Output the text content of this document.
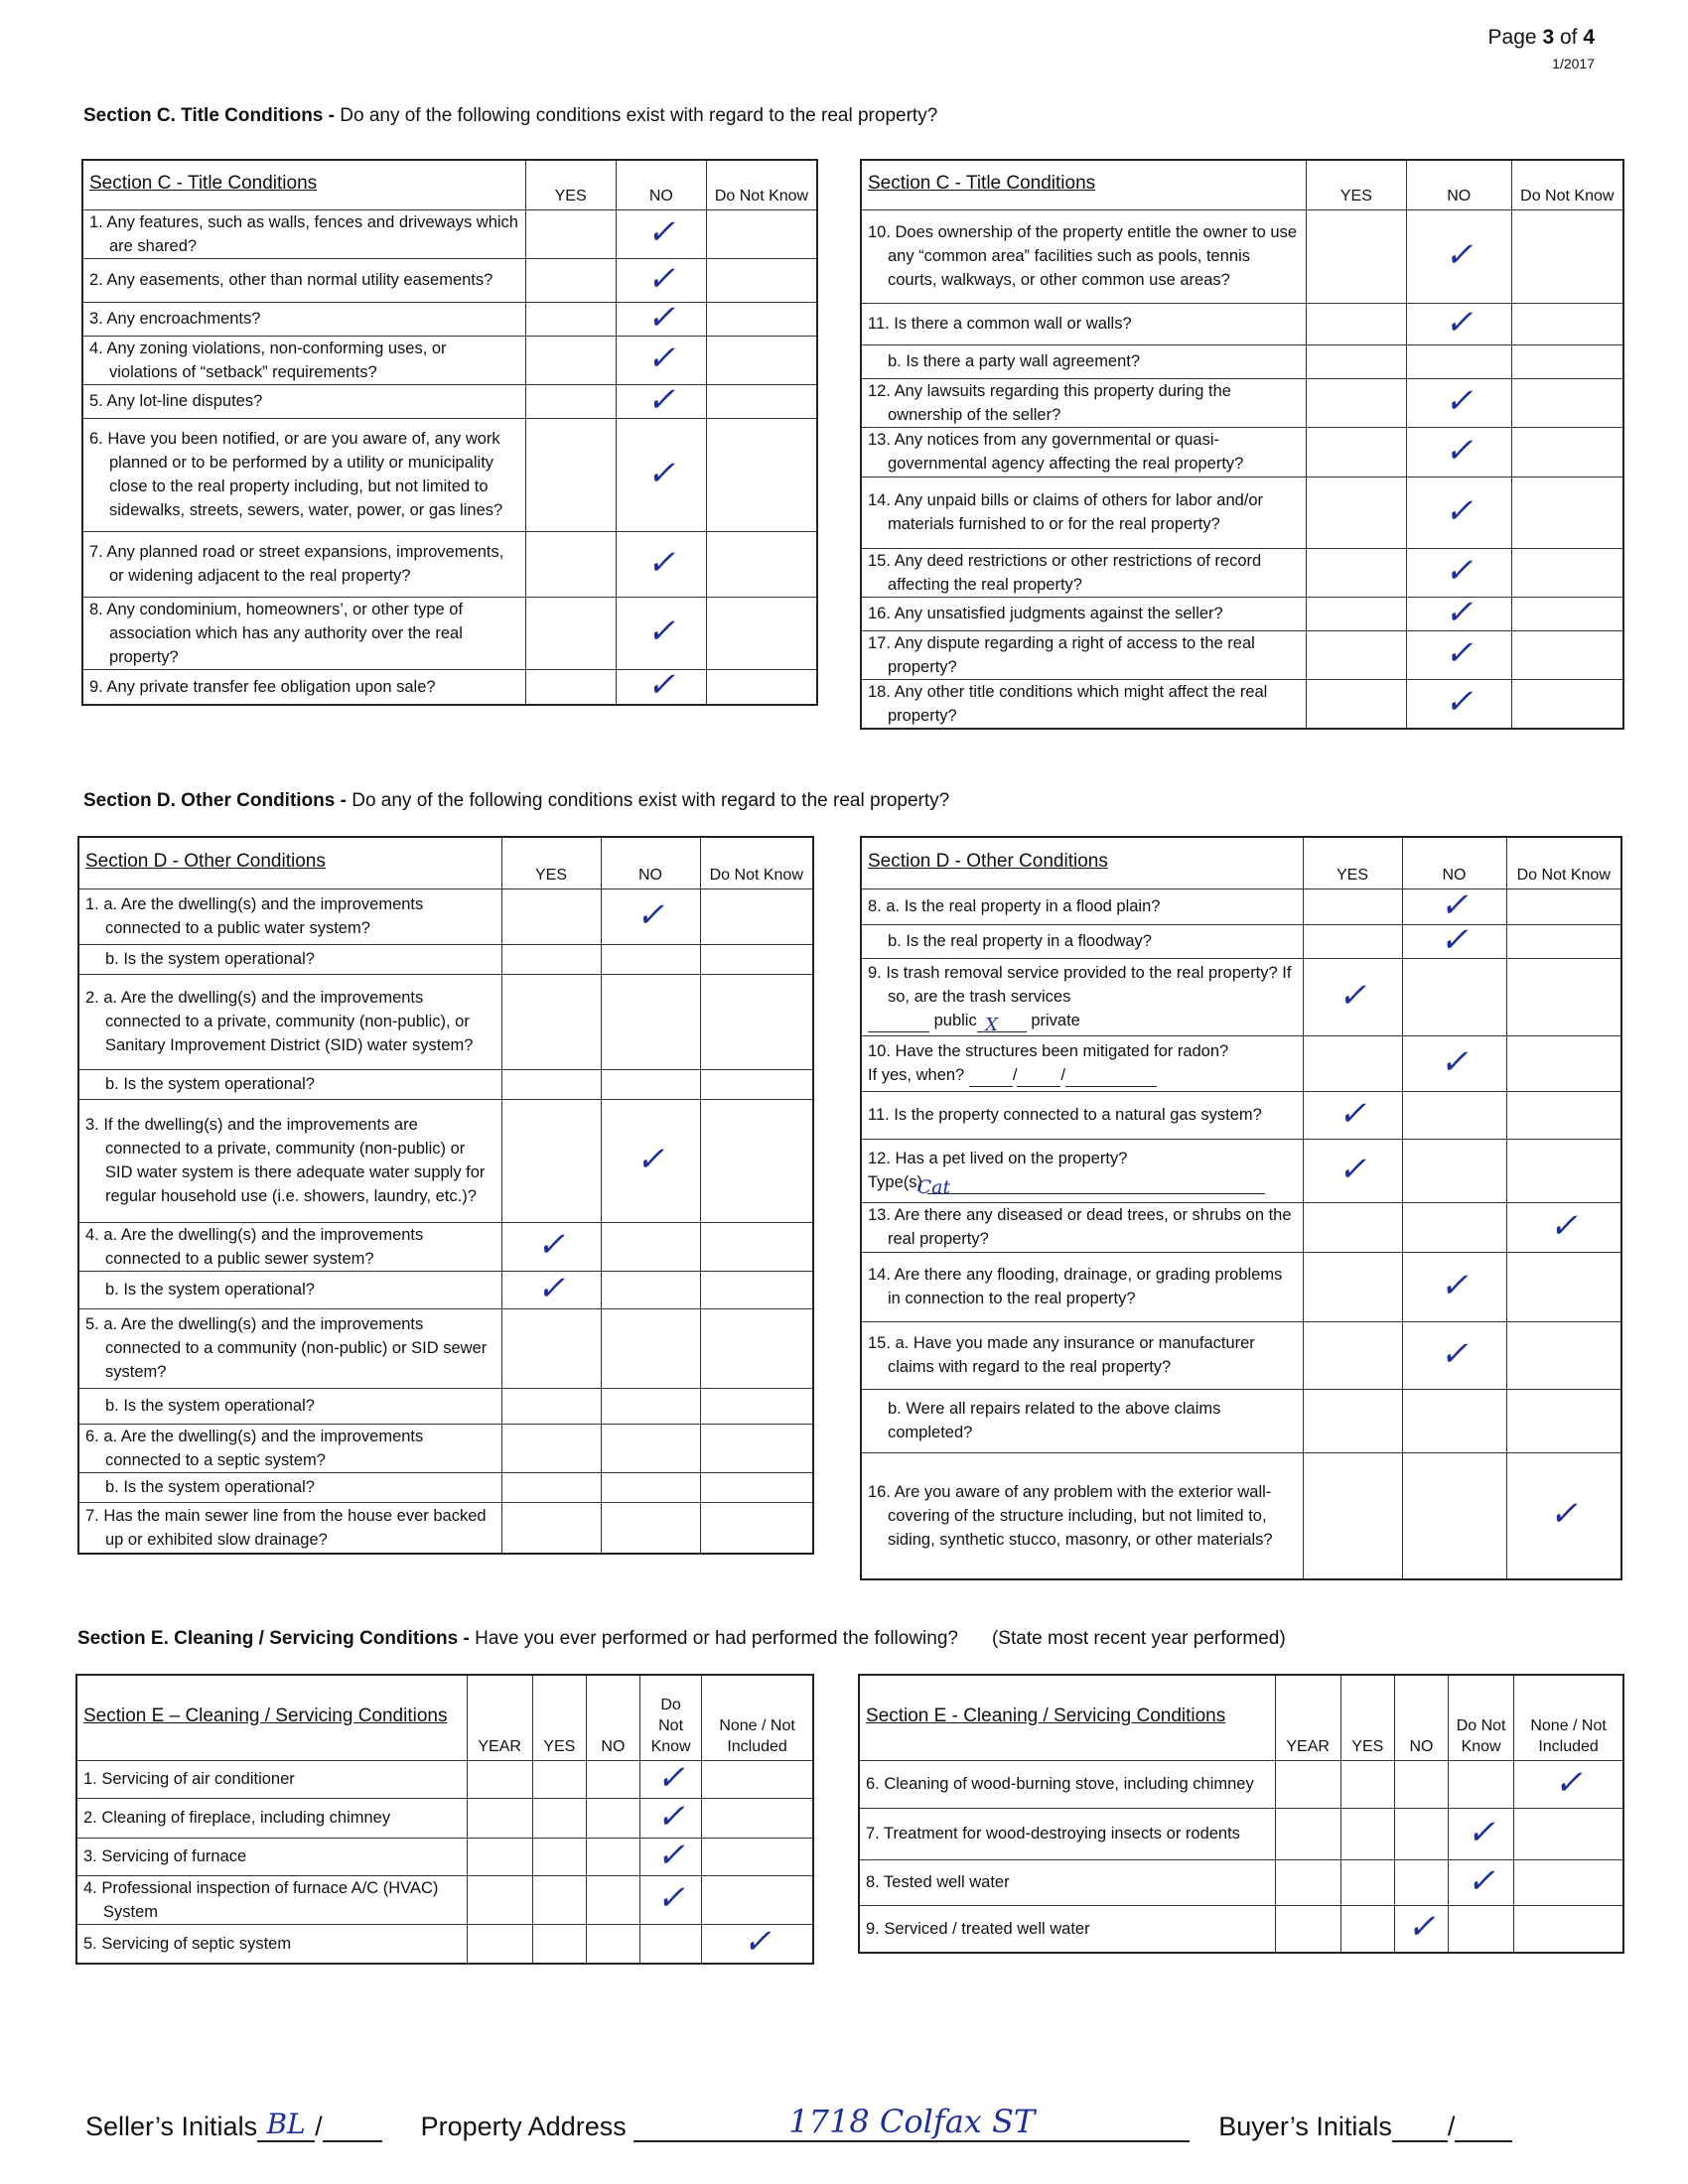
Page 3 of 4
1/2017
Section C. Title Conditions - Do any of the following conditions exist with regard to the real property?
Section C - Title Conditions	YES	NO	Do Not Know

1. Any features, such as walls, fences and driveways which are shared?		✓	

2. Any easements, other than normal utility easements?		✓	

3. Any encroachments?		✓	

4. Any zoning violations, non-conforming uses, or violations of “setback” requirements?		✓	

5. Any lot-line disputes?		✓	

6. Have you been notified, or are you aware of, any work planned or to be performed by a utility or municipality close to the real property including, but not limited to sidewalks, streets, sewers, water, power, or gas lines?		✓	

7. Any planned road or street expansions, improvements, or widening adjacent to the real property?		✓	

8. Any condominium, homeowners’, or other type of association which has any authority over the real property?		✓	

9. Any private transfer fee obligation upon sale?		✓	
Section C - Title Conditions	YES	NO	Do Not Know

10. Does ownership of the property entitle the owner to use any “common area” facilities such as pools, tennis courts, walkways, or other common use areas?		✓	

11. Is there a common wall or walls?		✓	

b. Is there a party wall agreement?			

12. Any lawsuits regarding this property during the ownership of the seller?		✓	

13. Any notices from any governmental or quasi-governmental agency affecting the real property?		✓	

14. Any unpaid bills or claims of others for labor and/or materials furnished to or for the real property?		✓	

15. Any deed restrictions or other restrictions of record affecting the real property?		✓	

16. Any unsatisfied judgments against the seller?		✓	

17. Any dispute regarding a right of access to the real property?		✓	

18. Any other title conditions which might affect the real property?		✓	
Section D. Other Conditions - Do any of the following conditions exist with regard to the real property?
Section D - Other Conditions	YES	NO	Do Not Know

1. a. Are the dwelling(s) and the improvements connected to a public water system?		✓	

b. Is the system operational?			

2. a. Are the dwelling(s) and the improvements connected to a private, community (non-public), or Sanitary Improvement District (SID) water system?			

b. Is the system operational?			

3. If the dwelling(s) and the improvements are connected to a private, community (non-public) or SID water system is there adequate water supply for regular household use (i.e. showers, laundry, etc.)?		✓	

4. a. Are the dwelling(s) and the improvements connected to a public sewer system?	✓		

b. Is the system operational?	✓		

5. a. Are the dwelling(s) and the improvements connected to a community (non-public) or SID sewer system?			

b. Is the system operational?			

6. a. Are the dwelling(s) and the improvements connected to a septic system?			

b. Is the system operational?			

7. Has the main sewer line from the house ever backed up or exhibited slow drainage?			

Section D - Other Conditions	YES	NO	Do Not Know

8. a. Is the real property in a flood plain?		✓	

b. Is the real property in a floodway?		✓	

9. Is trash removal service provided to the real property? If so, are the trash services
public X private	✓		

10. Have the structures been mitigated for radon?
If yes, when? / /		✓	

11. Is the property connected to a natural gas system?	✓		

12. Has a pet lived on the property?
Type(s) Cat	✓		

13. Are there any diseased or dead trees, or shrubs on the real property?			✓

14. Are there any flooding, drainage, or grading problems in connection to the real property?		✓	

15. a. Have you made any insurance or manufacturer claims with regard to the real property?		✓	

b. Were all repairs related to the above claims completed?			

16. Are you aware of any problem with the exterior wall-covering of the structure including, but not limited to, siding, synthetic stucco, masonry, or other materials?			✓
Section E. Cleaning / Servicing Conditions - Have you ever performed or had performed the following? (State most recent year performed)
Section E – Cleaning / Servicing Conditions	YEAR	YES	NO	Do Not Know	None / Not Included

1. Servicing of air conditioner				✓	

2. Cleaning of fireplace, including chimney				✓	

3. Servicing of furnace				✓	

4. Professional inspection of furnace A/C (HVAC) System				✓	

5. Servicing of septic system					✓
Section E - Cleaning / Servicing Conditions	YEAR	YES	NO	Do Not Know	None / Not Included

6. Cleaning of wood-burning stove, including chimney					✓

7. Treatment for wood-destroying insects or rodents				✓	

8. Tested well water				✓	

9. Serviced / treated well water			✓		
Seller’s Initials BL /	Property Address	1718 Colfax ST	Buyer’s Initials /
